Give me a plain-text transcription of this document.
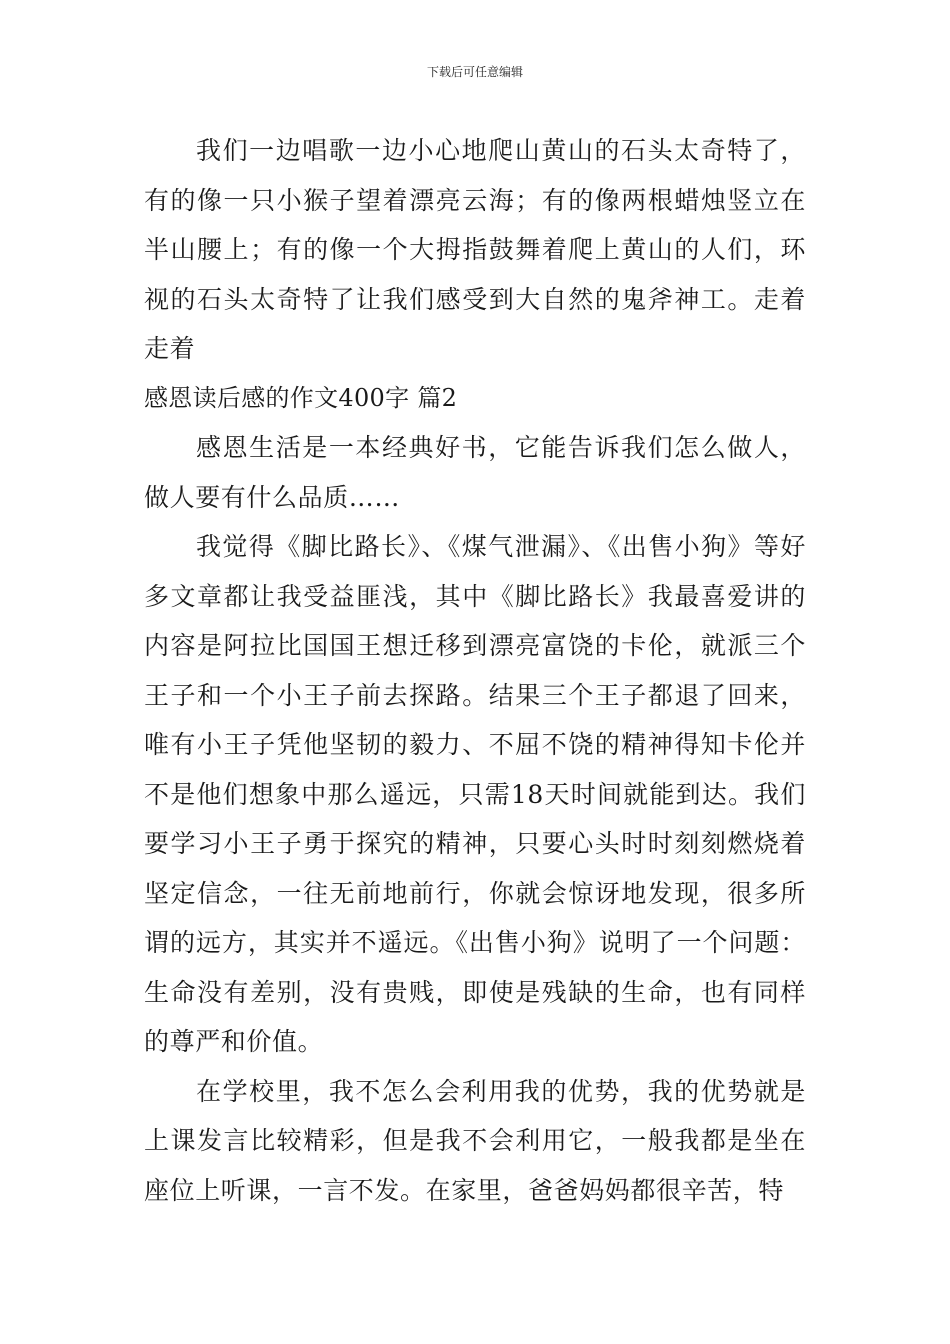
下载后可任意编辑

我们一边唱歌一边小心地爬山黄山的石头太奇特了，有的像一只小猴子望着漂亮云海；有的像两根蜡烛竖立在半山腰上；有的像一个大拇指鼓舞着爬上黄山的人们，环视的石头太奇特了让我们感受到大自然的鬼斧神工。走着走着

感恩读后感的作文400字 篇2

感恩生活是一本经典好书，它能告诉我们怎么做人，做人要有什么品质……

我觉得《脚比路长》、《煤气泄漏》、《出售小狗》等好多文章都让我受益匪浅，其中《脚比路长》我最喜爱讲的内容是阿拉比国国王想迁移到漂亮富饶的卡伦，就派三个王子和一个小王子前去探路。结果三个王子都退了回来，唯有小王子凭他坚韧的毅力、不屈不饶的精神得知卡伦并不是他们想象中那么遥远，只需18天时间就能到达。我们要学习小王子勇于探究的精神，只要心头时时刻刻燃烧着坚定信念，一往无前地前行，你就会惊讶地发现，很多所谓的远方，其实并不遥远。《出售小狗》说明了一个问题：生命没有差别，没有贵贱，即使是残缺的生命，也有同样的尊严和价值。

在学校里，我不怎么会利用我的优势，我的优势就是上课发言比较精彩，但是我不会利用它，一般我都是坐在座位上听课，一言不发。在家里，爸爸妈妈都很辛苦，特
